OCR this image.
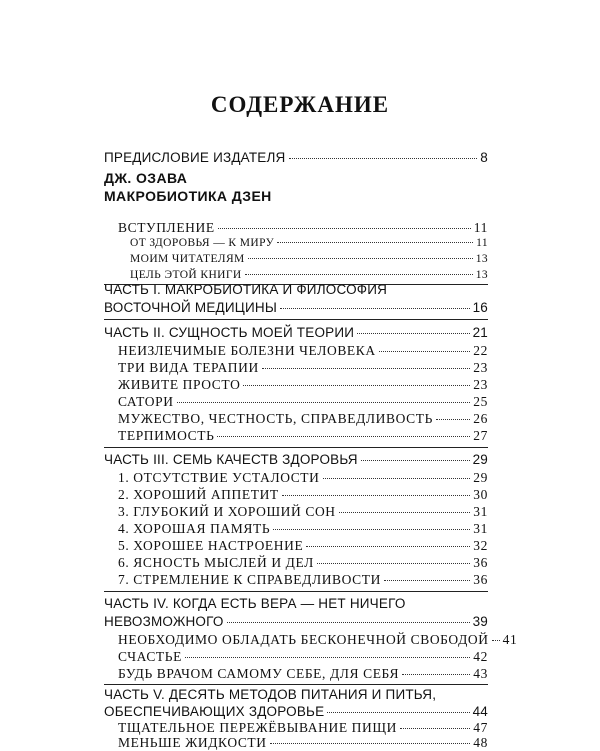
СОДЕРЖАНИЕ
ПРЕДИСЛОВИЕ ИЗДАТЕЛЯ	8
ДЖ. ОЗАВА
МАКРОБИОТИКА ДЗЕН
ВСТУПЛЕНИЕ	11
ОТ ЗДОРОВЬЯ — К МИРУ	11
МОИМ ЧИТАТЕЛЯМ	13
ЦЕЛЬ ЭТОЙ КНИГИ	13
ЧАСТЬ I. МАКРОБИОТИКА И ФИЛОСОФИЯ
ВОСТОЧНОЙ МЕДИЦИНЫ	16
ЧАСТЬ II. СУЩНОСТЬ МОЕЙ ТЕОРИИ	21
НЕИЗЛЕЧИМЫЕ БОЛЕЗНИ ЧЕЛОВЕКА	22
ТРИ ВИДА ТЕРАПИИ	23
ЖИВИТЕ ПРОСТО	23
САТОРИ	25
МУЖЕСТВО, ЧЕСТНОСТЬ, СПРАВЕДЛИВОСТЬ	26
ТЕРПИМОСТЬ	27
ЧАСТЬ III. СЕМЬ КАЧЕСТВ ЗДОРОВЬЯ	29
1. ОТСУТСТВИЕ УСТАЛОСТИ	29
2. ХОРОШИЙ АППЕТИТ	30
3. ГЛУБОКИЙ И ХОРОШИЙ СОН	31
4. ХОРОШАЯ ПАМЯТЬ	31
5. ХОРОШЕЕ НАСТРОЕНИЕ	32
6. ЯСНОСТЬ МЫСЛЕЙ И ДЕЛ	36
7. СТРЕМЛЕНИЕ К СПРАВЕДЛИВОСТИ	36
ЧАСТЬ IV. КОГДА ЕСТЬ ВЕРА — НЕТ НИЧЕГО
НЕВОЗМОЖНОГО	39
НЕОБХОДИМО ОБЛАДАТЬ БЕСКОНЕЧНОЙ СВОБОДОЙ 41
СЧАСТЬЕ	42
БУДЬ ВРАЧОМ САМОМУ СЕБЕ, ДЛЯ СЕБЯ	43
ЧАСТЬ V. ДЕСЯТЬ МЕТОДОВ ПИТАНИЯ И ПИТЬЯ,
ОБЕСПЕЧИВАЮЩИХ ЗДОРОВЬЕ	44
ТЩАТЕЛЬНОЕ ПЕРЕЖЁВЫВАНИЕ ПИЩИ	47
МЕНЬШЕ ЖИДКОСТИ	48
